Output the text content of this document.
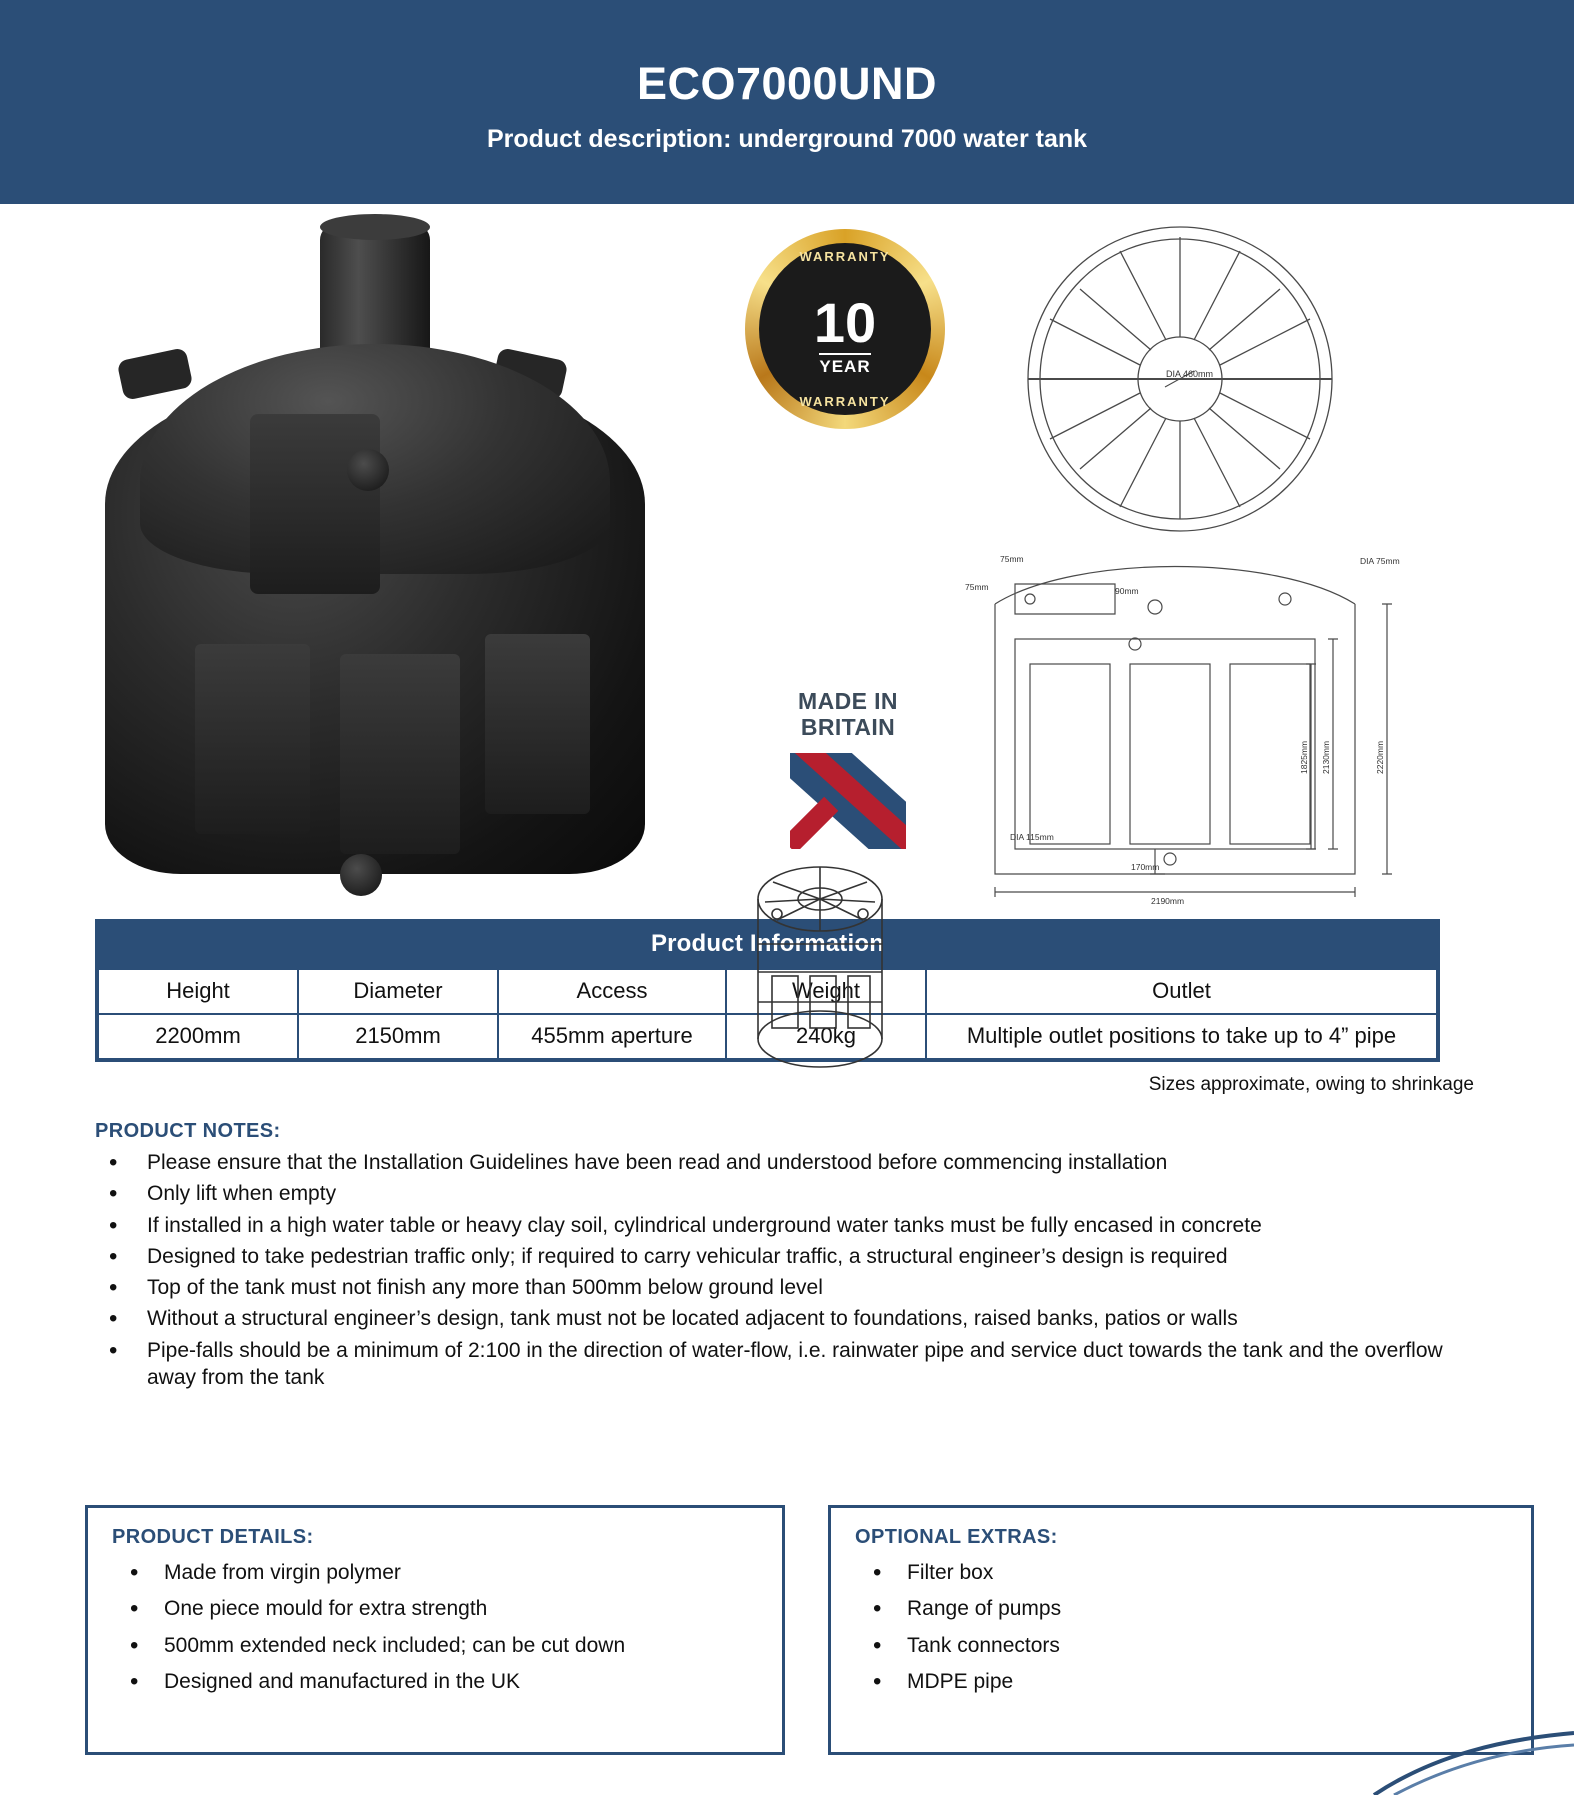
ECO7000UND
Product description: underground 7000 water tank
10
YEAR
WARRANTY
WARRANTY
MADE IN
BRITAIN
DIA 460mm
75mm
75mm	90mm
DIA 75mm
1825mm 2130mm	2220mm
DIA 115mm
170mm
2190mm
Product Information
Height	Diameter	Access	Weight	Outlet
2200mm	2150mm	455mm aperture	240kg	Multiple outlet positions to take up to 4” pipe
Sizes approximate, owing to shrinkage
PRODUCT NOTES:
• Please ensure that the Installation Guidelines have been read and understood before commencing installation
• Only lift when empty
• If installed in a high water table or heavy clay soil, cylindrical underground water tanks must be fully encased in concrete
• Designed to take pedestrian traffic only; if required to carry vehicular traffic, a structural engineer’s design is required
• Top of the tank must not finish any more than 500mm below ground level
• Without a structural engineer’s design, tank must not be located adjacent to foundations, raised banks, patios or walls
• Pipe-falls should be a minimum of 2:100 in the direction of water-flow, i.e. rainwater pipe and service duct towards the tank and the overflow away from the tank
PRODUCT DETAILS:
• Made from virgin polymer
• One piece mould for extra strength
• 500mm extended neck included; can be cut down
• Designed and manufactured in the UK
OPTIONAL EXTRAS:
• Filter box
• Range of pumps
• Tank connectors
• MDPE pipe
